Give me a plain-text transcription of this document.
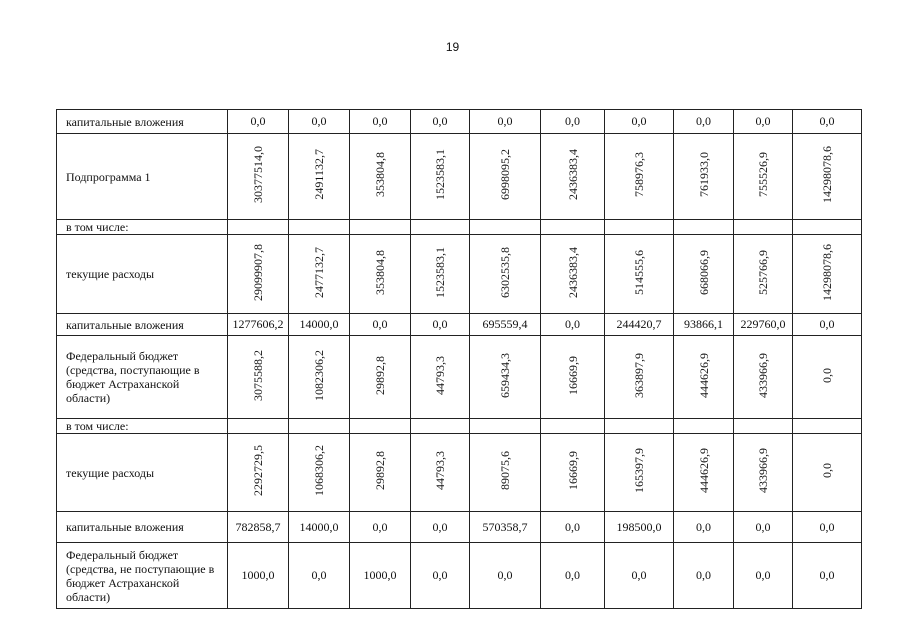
19
капитальные вложения	0,0	0,0	0,0	0,0	0,0	0,0	0,0	0,0	0,0	0,0
Подпрограмма 1	30377514,0	2491132,7	353804,8	1523583,1	6998095,2	2436383,4	758976,3	761933,0	755526,9	14298078,6
в том числе:										
текущие расходы	29099907,8	2477132,7	353804,8	1523583,1	6302535,8	2436383,4	514555,6	668066,9	525766,9	14298078,6
капитальные вложения	1277606,2	14000,0	0,0	0,0	695559,4	0,0	244420,7	93866,1	229760,0	0,0
Федеральный бюджет (средства, поступающие в бюджет Астраханской области)	3075588,2	1082306,2	29892,8	44793,3	659434,3	16669,9	363897,9	444626,9	433966,9	0,0
в том числе:										
текущие расходы	2292729,5	1068306,2	29892,8	44793,3	89075,6	16669,9	165397,9	444626,9	433966,9	0,0
капитальные вложения	782858,7	14000,0	0,0	0,0	570358,7	0,0	198500,0	0,0	0,0	0,0
Федеральный бюджет (средства, не поступающие в бюджет Астраханской области)	1000,0	0,0	1000,0	0,0	0,0	0,0	0,0	0,0	0,0	0,0
